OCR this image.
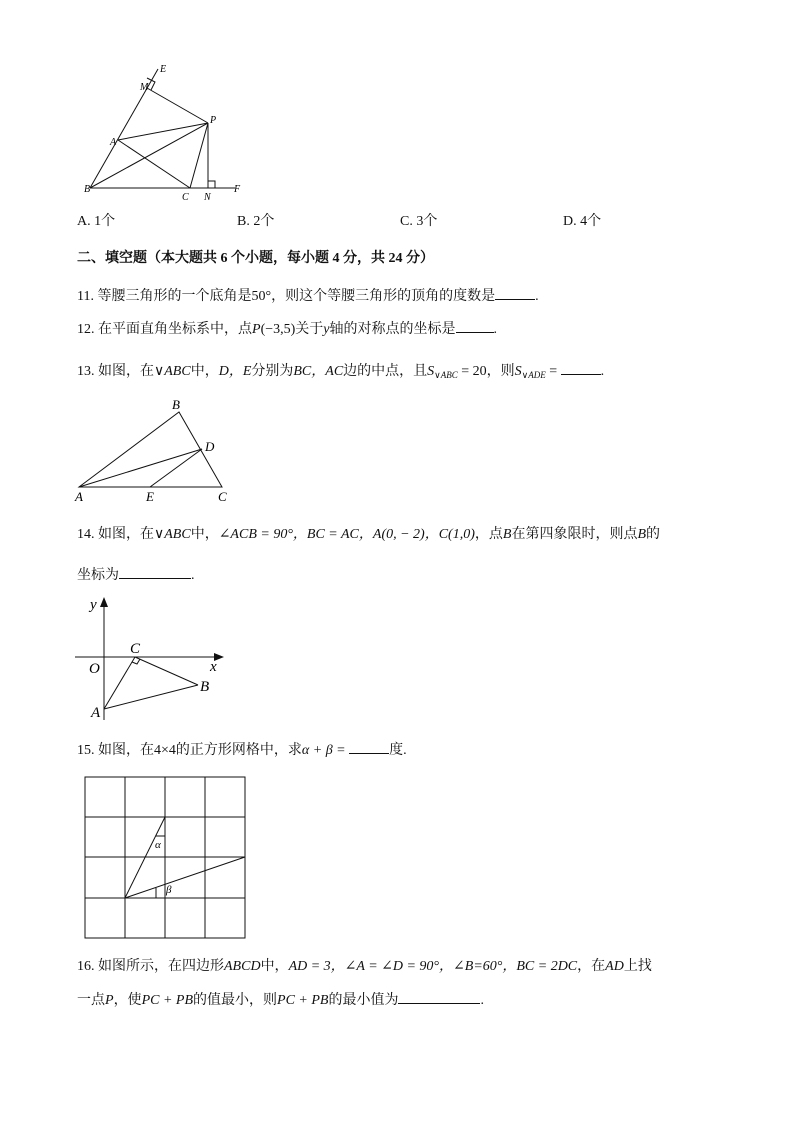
E
M
P
A
B
C N
F
A. 1个	B. 2个	C. 3个	D. 4个
二、填空题（本大题共 6 个小题，每小题 4 分，共 24 分）
11. 等腰三角形的一个底角是50°，则这个等腰三角形的顶角的度数是	.
12. 在平面直角坐标系中，点P(−3,5)关于y轴的对称点的坐标是	.
13. 如图，在∨ABC中，D，E分别为BC，AC边的中点，且$S_{\vee ABC} = 20$，则$S_{\vee ADE}$ =	.
B
D
A	E	C
14. 如图，在∨ABC中，∠ACB = 90°，BC = AC，A(0, − 2)，C(1,0)，点B在第四象限时，则点B的
坐标为	.
y
x
O
C
B
A
15. 如图，在4×4的正方形网格中，求α + β =	度.
α
β
16. 如图所示，在四边形ABCD中，AD = 3，∠A = ∠D = 90°，∠B=60°，BC = 2DC，在AD上找
一点P，使PC + PB的值最小，则PC + PB的最小值为	.
